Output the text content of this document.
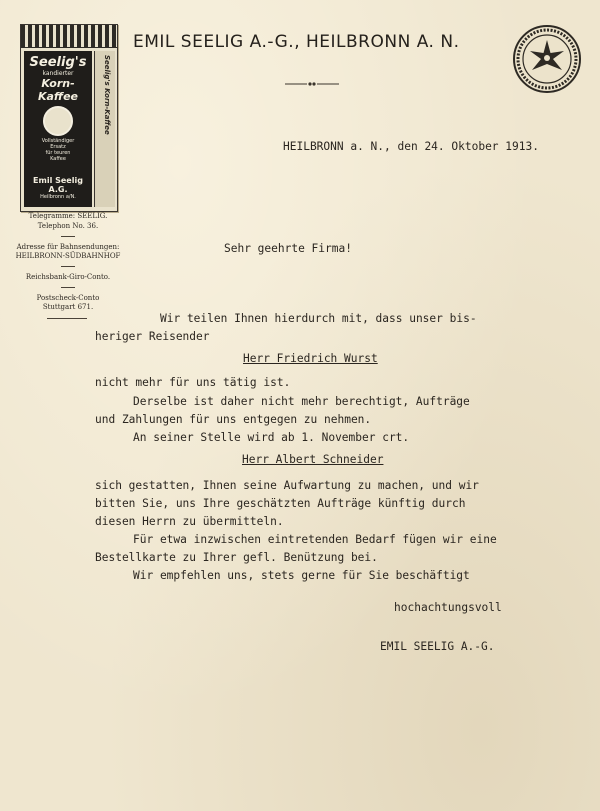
Seelig's
kandierter
Korn-Kaffee
Vollständiger
Ersatz
für teuren
Kaffee
Emil Seelig A.G.
Heilbronn a/N.
Seelig's Korn-Kaffee
Telegramme: SEELIG.
Telephon No. 36.
Adresse für Bahnsendungen:
HEILBRONN-SÜDBAHNHOF
Reichsbank-Giro-Conto.
Postscheck-Conto
Stuttgart 671.
EMIL SEELIG A.-G., HEILBRONN A. N.
HEILBRONN a. N., den 24. Oktober 1913.
Sehr geehrte Firma!
Wir teilen Ihnen hierdurch mit, dass unser bis-
heriger Reisender
Herr Friedrich Wurst
nicht mehr für uns tätig ist.
Derselbe ist daher nicht mehr berechtigt, Aufträge
und Zahlungen für uns entgegen zu nehmen.
An seiner Stelle wird ab 1. November crt.
Herr Albert Schneider
sich gestatten, Ihnen seine Aufwartung zu machen, und wir
bitten Sie, uns Ihre geschätzten Aufträge künftig durch
diesen Herrn zu übermitteln.
Für etwa inzwischen eintretenden Bedarf fügen wir eine
Bestellkarte zu Ihrer gefl. Benützung bei.
Wir empfehlen uns, stets gerne für Sie beschäftigt
hochachtungsvoll
EMIL SEELIG A.-G.
